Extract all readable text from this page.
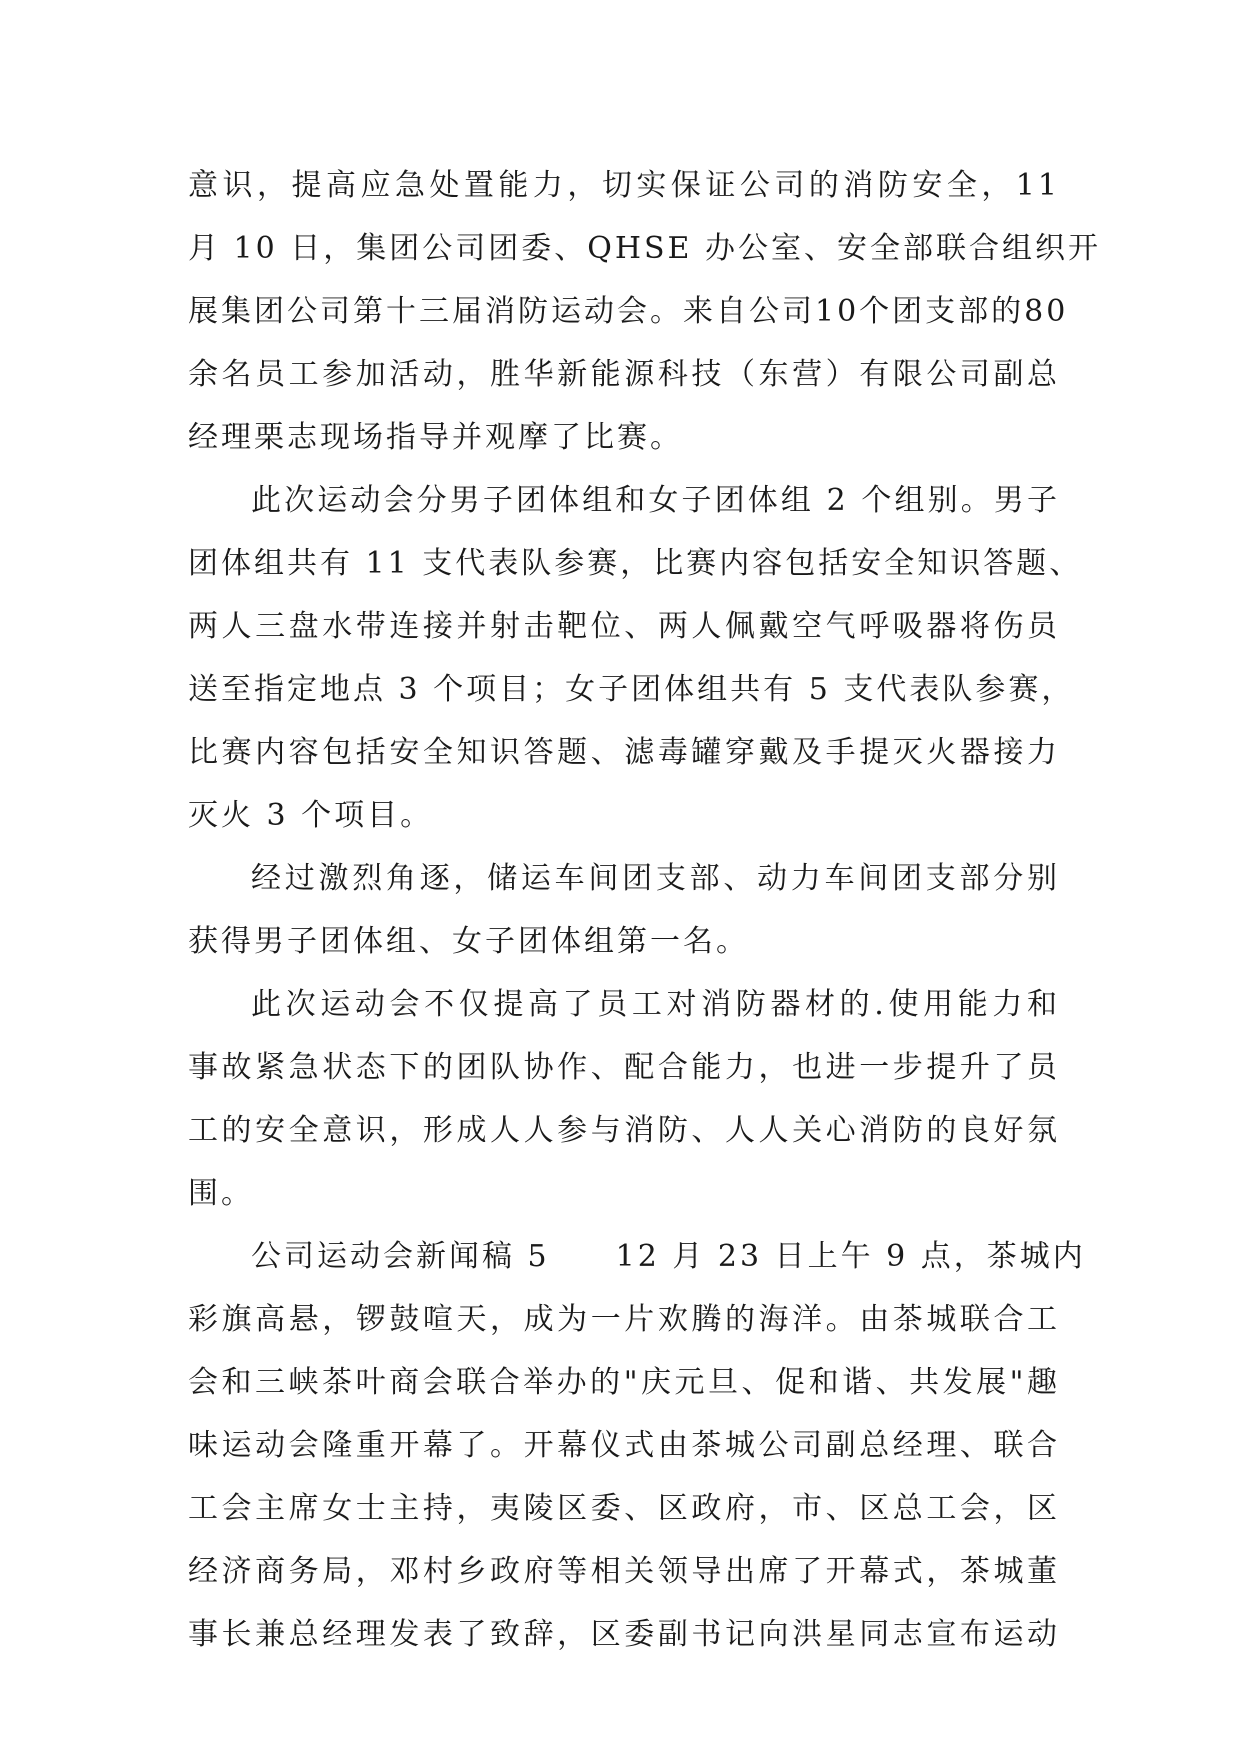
意识，提高应急处置能力，切实保证公司的消防安全，11
月 10 日，集团公司团委、QHSE 办公室、安全部联合组织开
展集团公司第十三届消防运动会。来自公司10个团支部的80
余名员工参加活动，胜华新能源科技（东营）有限公司副总
经理栗志现场指导并观摩了比赛。
此次运动会分男子团体组和女子团体组 2 个组别。男子
团体组共有 11 支代表队参赛，比赛内容包括安全知识答题、
两人三盘水带连接并射击靶位、两人佩戴空气呼吸器将伤员
送至指定地点 3 个项目；女子团体组共有 5 支代表队参赛，
比赛内容包括安全知识答题、滤毒罐穿戴及手提灭火器接力
灭火 3 个项目。
经过激烈角逐，储运车间团支部、动力车间团支部分别
获得男子团体组、女子团体组第一名。
此次运动会不仅提高了员工对消防器材的.使用能力和
事故紧急状态下的团队协作、配合能力，也进一步提升了员
工的安全意识，形成人人参与消防、人人关心消防的良好氛
围。
公司运动会新闻稿 5　　12 月 23 日上午 9 点，茶城内
彩旗高悬，锣鼓喧天，成为一片欢腾的海洋。由茶城联合工
会和三峡茶叶商会联合举办的"庆元旦、促和谐、共发展"趣
味运动会隆重开幕了。开幕仪式由茶城公司副总经理、联合
工会主席女士主持，夷陵区委、区政府，市、区总工会，区
经济商务局，邓村乡政府等相关领导出席了开幕式，茶城董
事长兼总经理发表了致辞，区委副书记向洪星同志宣布运动
